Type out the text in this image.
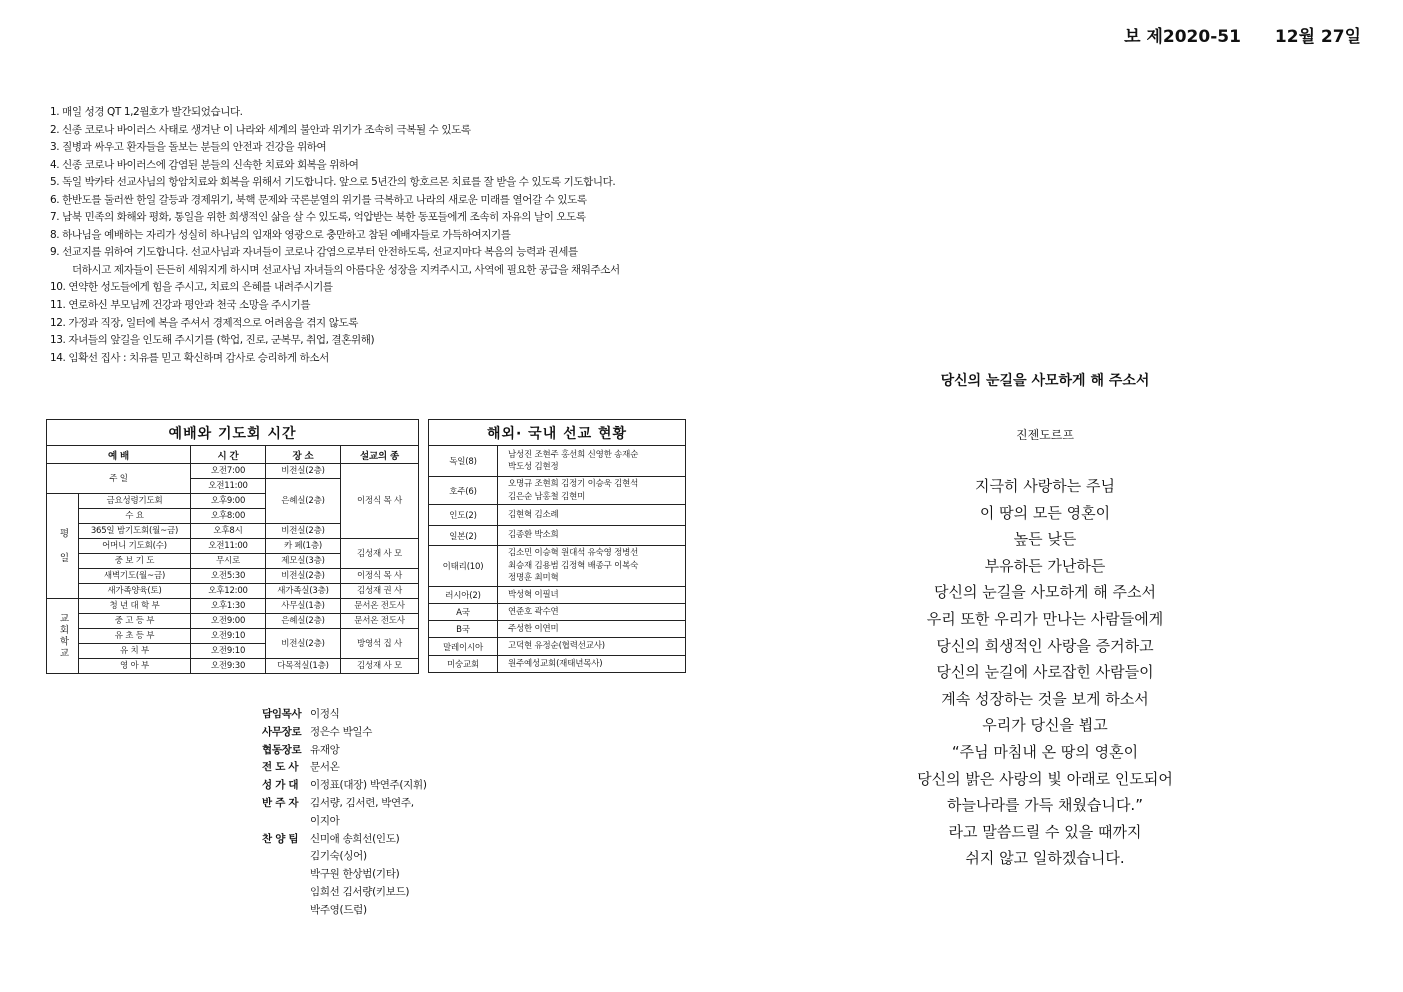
보 제2020-51 12월 27일
1. 매일 성경 QT 1,2월호가 발간되었습니다.
2. 신종 코로나 바이러스 사태로 생겨난 이 나라와 세계의 불안과 위기가 조속히 극복될 수 있도록
3. 질병과 싸우고 환자들을 돌보는 분들의 안전과 건강을 위하여
4. 신종 코로나 바이러스에 감염된 분들의 신속한 치료와 회복을 위하여
5. 독일 박카타 선교사님의 항암치료와 회복을 위해서 기도합니다. 앞으로 5년간의 항호르몬 치료를 잘 받을 수 있도록 기도합니다.
6. 한반도를 둘러싼 한일 갈등과 경제위기, 북핵 문제와 국론분열의 위기를 극복하고 나라의 새로운 미래를 열어갈 수 있도록
7. 남북 민족의 화해와 평화, 통일을 위한 희생적인 삶을 살 수 있도록, 억압받는 북한 동포들에게 조속히 자유의 날이 오도록
8. 하나님을 예배하는 자리가 성실히 하나님의 임재와 영광으로 충만하고 참된 예배자들로 가득하여지기를
9. 선교지를 위하여 기도합니다. 선교사님과 자녀들이 코로나 감염으로부터 안전하도록, 선교지마다 복음의 능력과 권세를
더하시고 제자들이 든든히 세워지게 하시며 선교사님 자녀들의 아름다운 성장을 지켜주시고, 사역에 필요한 공급을 채워주소서
10. 연약한 성도들에게 힘을 주시고, 치료의 은혜를 내려주시기를
11. 연로하신 부모님께 건강과 평안과 천국 소망을 주시기를
12. 가정과 직장, 일터에 복을 주셔서 경제적으로 어려움을 겪지 않도록
13. 자녀들의 앞길을 인도해 주시기를 (학업, 진로, 군복무, 취업, 결혼위해)
14. 임확선 집사 : 치유를 믿고 확신하며 감사로 승리하게 하소서
예배와 기도회 시간				
예 배		시 간	장 소	설교의 종
주 일		오전7:00	비전실(2층)	이정식 목 사
		오전11:00	은혜실(2층)	

평 일	금요성령기도회	오후9:00		
	수 요	오후8:00		
	365일 밤기도회(월~금)	오후8시	비전실(2층)	
	어머니 기도회(수)	오전11:00	카 페(1층)	김성재 사 모
	중 보 기 도	무시로	제모실(3층)	
	새벽기도(월~금)	오전5:30	비전실(2층)	이정식 목 사
	새가족양육(토)	오후12:00	새가족실(3층)	김성재 권 사

교회학교	청 년 대 학 부	오후1:30	사무실(1층)	문서온 전도사
	중 고 등 부	오전9:00	은혜실(2층)	문서온 전도사
	유 초 등 부	오전9:10	비전실(2층)	방영석 집 사
	유 치 부	오전9:10		
	영 아 부	오전9:30	다목적실(1층)	김성재 사 모
해외· 국내 선교 현황	
독일(8)	남성진 조현주 홍선희 신영한 송재순
박도성 김현정

호주(6)	오명규 조현희 김정기 이승욱 김현석
김은순 남홍철 김현미

인도(2)	김현혁 김소례

일본(2)	김종환 박소희

이태리(10)	김소민 이승혁 원대석 유숙영 정병선
최승재 김용범 김정혁 배종구 이복숙
정명훈 최미혁

러시아(2)	박성혁 이필녀

A국	연준호 곽수연

B국	주성한 이연미

말레이시아	고덕현 유정순(협력선교사)

미숭교회	원주예성교회(재태년목사)
담임목사 이정식
사무장로 정은수 박일수
협동장로 유재앙
전 도 사 문서온
성 가 대 이정표(대장) 박연주(지휘)
반 주 자 김서량, 김서련, 박연주,
이지아
찬 양 팀 신미애 송희선(인도)
김기숙(싱어)
박구원 한상범(기타)
임희선 김서량(키보드)
박주영(드럼)
당신의 눈길을 사모하게 해 주소서
진젠도르프
지극히 사랑하는 주님
이 땅의 모든 영혼이
높든 낮든
부유하든 가난하든
당신의 눈길을 사모하게 해 주소서
우리 또한 우리가 만나는 사람들에게
당신의 희생적인 사랑을 증거하고
당신의 눈길에 사로잡힌 사람들이
계속 성장하는 것을 보게 하소서
우리가 당신을 뵙고
“주님 마침내 온 땅의 영혼이
당신의 밝은 사랑의 빛 아래로 인도되어
하늘나라를 가득 채웠습니다.”
라고 말씀드릴 수 있을 때까지
쉬지 않고 일하겠습니다.
